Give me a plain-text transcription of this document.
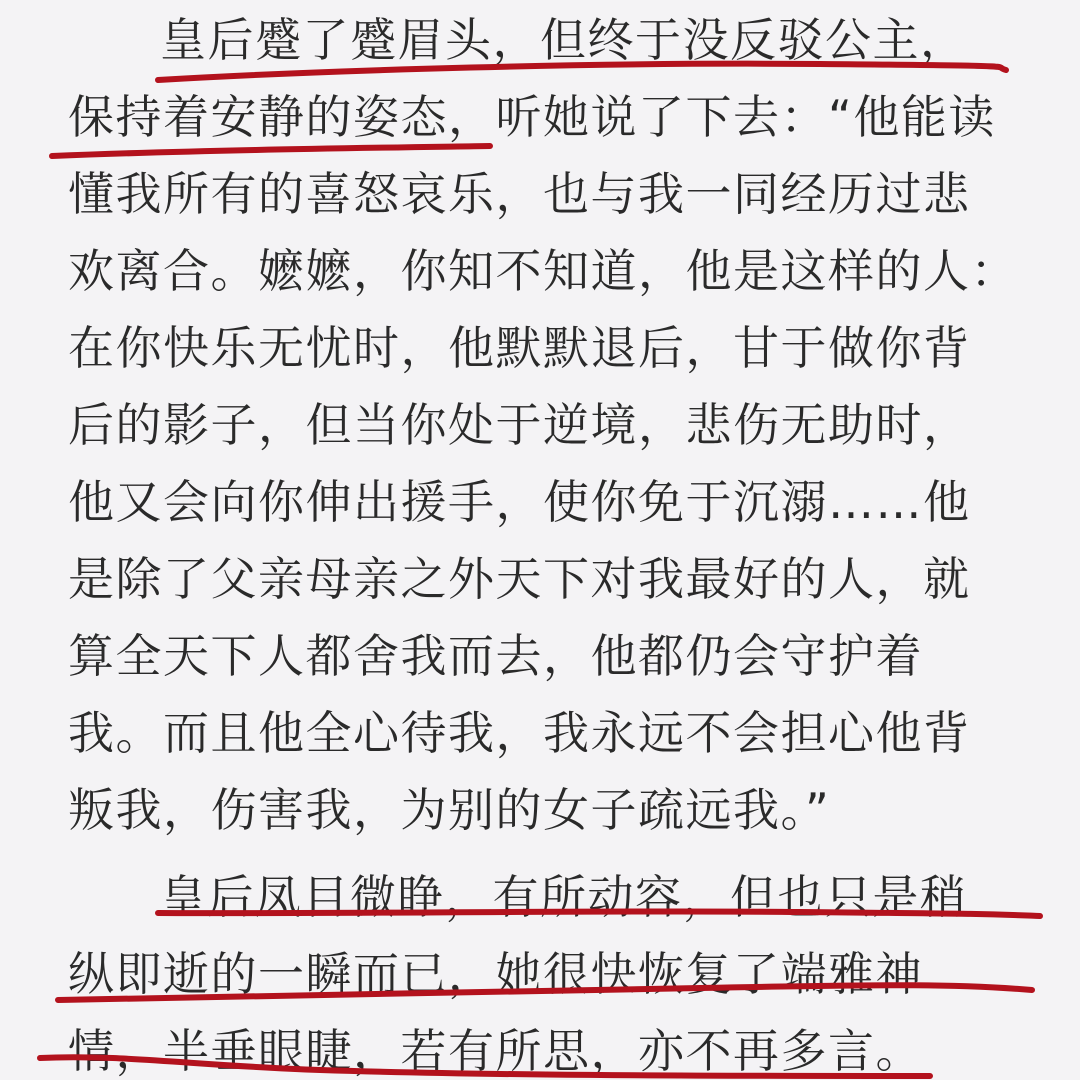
皇后蹙了蹙眉头，但终于没反驳公主，
保持着安静的姿态，听她说了下去：“他能读
懂我所有的喜怒哀乐，也与我一同经历过悲
欢离合。嬷嬷，你知不知道，他是这样的人：
在你快乐无忧时，他默默退后，甘于做你背
后的影子，但当你处于逆境，悲伤无助时，
他又会向你伸出援手，使你免于沉溺……他
是除了父亲母亲之外天下对我最好的人，就
算全天下人都舍我而去，他都仍会守护着
我。而且他全心待我，我永远不会担心他背
叛我，伤害我，为别的女子疏远我。”
皇后凤目微睁，有所动容，但也只是稍
纵即逝的一瞬而已，她很快恢复了端雅神
情，半垂眼睫，若有所思，亦不再多言。
